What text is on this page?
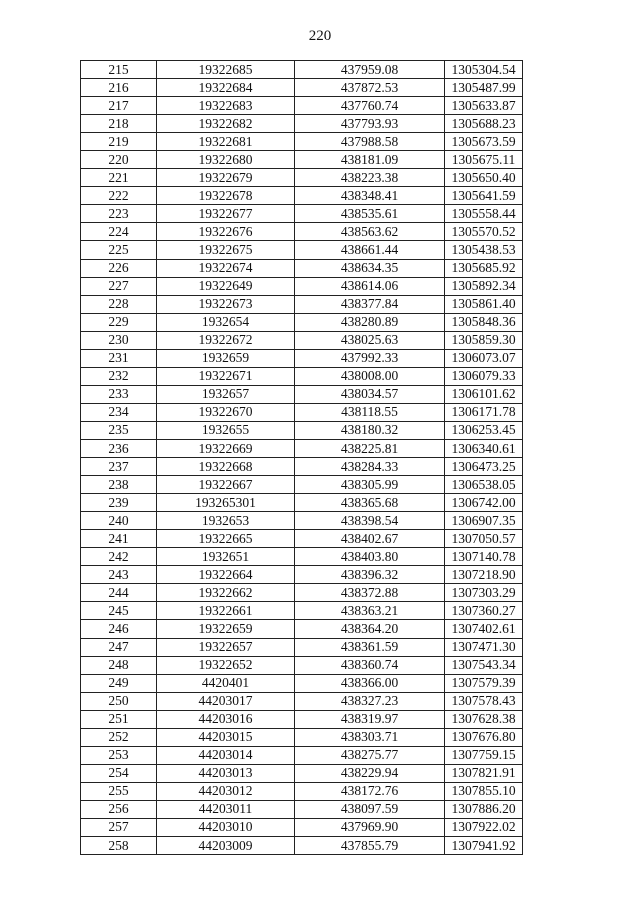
220
215	19322685	437959.08	1305304.54
216	19322684	437872.53	1305487.99
217	19322683	437760.74	1305633.87
218	19322682	437793.93	1305688.23
219	19322681	437988.58	1305673.59
220	19322680	438181.09	1305675.11
221	19322679	438223.38	1305650.40
222	19322678	438348.41	1305641.59
223	19322677	438535.61	1305558.44
224	19322676	438563.62	1305570.52
225	19322675	438661.44	1305438.53
226	19322674	438634.35	1305685.92
227	19322649	438614.06	1305892.34
228	19322673	438377.84	1305861.40
229	1932654	438280.89	1305848.36
230	19322672	438025.63	1305859.30
231	1932659	437992.33	1306073.07
232	19322671	438008.00	1306079.33
233	1932657	438034.57	1306101.62
234	19322670	438118.55	1306171.78
235	1932655	438180.32	1306253.45
236	19322669	438225.81	1306340.61
237	19322668	438284.33	1306473.25
238	19322667	438305.99	1306538.05
239	193265301	438365.68	1306742.00
240	1932653	438398.54	1306907.35
241	19322665	438402.67	1307050.57
242	1932651	438403.80	1307140.78
243	19322664	438396.32	1307218.90
244	19322662	438372.88	1307303.29
245	19322661	438363.21	1307360.27
246	19322659	438364.20	1307402.61
247	19322657	438361.59	1307471.30
248	19322652	438360.74	1307543.34
249	4420401	438366.00	1307579.39
250	44203017	438327.23	1307578.43
251	44203016	438319.97	1307628.38
252	44203015	438303.71	1307676.80
253	44203014	438275.77	1307759.15
254	44203013	438229.94	1307821.91
255	44203012	438172.76	1307855.10
256	44203011	438097.59	1307886.20
257	44203010	437969.90	1307922.02
258	44203009	437855.79	1307941.92
